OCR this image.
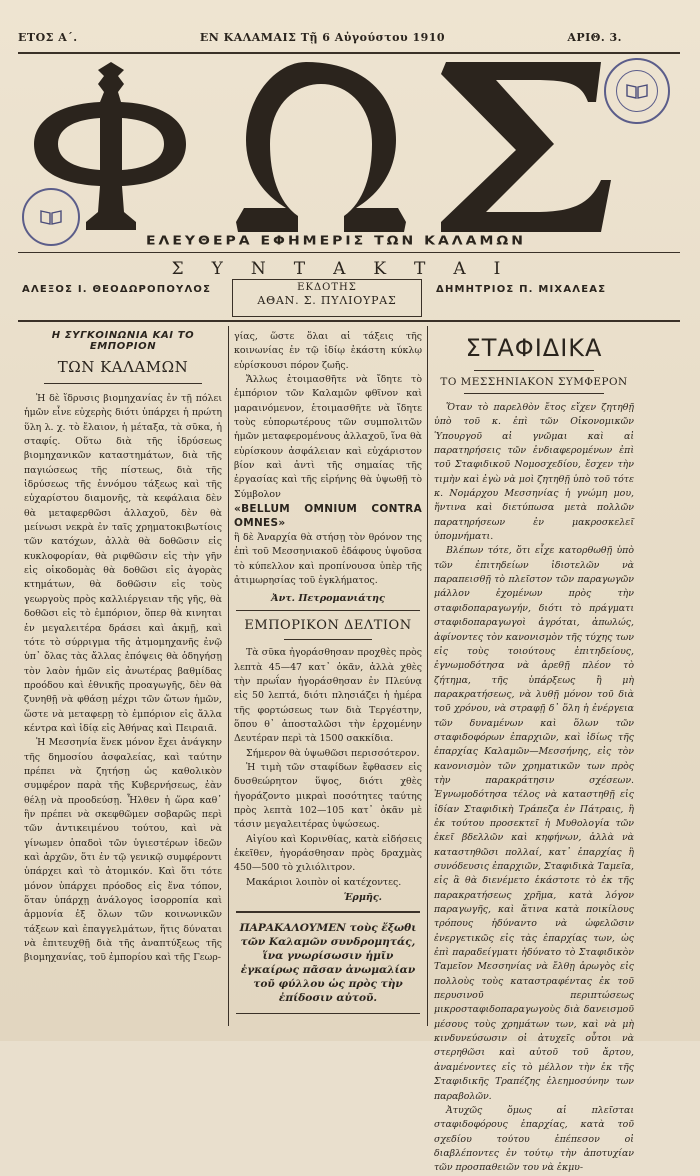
ΕΤΟΣ Α΄.	ΕΝ ΚΑΛΑΜΑΙΣ Τῇ 6 Αὐγούστου 1910	ΑΡΙΘ. 3.
ΕΛΕΥΘΕΡΑ ΕΦΗΜΕΡΙΣ ΤΩΝ ΚΑΛΑΜΩΝ
ΣΥΝΤΑΚΤΑΙ
ΑΛΕΞΟΣ Ι. ΘΕΟΔΩΡΟΠΟΥΛΟΣ	ΔΗΜΗΤΡΙΟΣ Π. ΜΙΧΑΛΕΑΣ
ΕΚΔΟΤΗΣ
ΑΘΑΝ. Σ. ΠΥΛΙΟΥΡΑΣ
Η ΣΥΓΚΟΙΝΩΝΙΑ ΚΑΙ ΤΟ ΕΜΠΟΡΙΟΝ
ΤΩΝ ΚΑΛΑΜΩΝ

Ἡ δὲ ἵδρυσις βιομηχανίας ἐν τῇ πόλει ἡμῶν εἶνε εὐχερὴς διότι ὑπάρχει ἡ πρώτη ὕλη λ. χ. τὸ ἔλαιον, ἡ μέταξα, τὰ σῦκα, ἡ σταφίς. Οὕτω διὰ τῆς ἱδρύσεως βιομηχανικῶν καταστημάτων, διὰ τῆς παγιώσεως τῆς πίστεως, διὰ τῆς ἱδρύσεως τῆς ἐννόμου τάξεως καὶ τῆς εὐχαρίστου διαμονῆς, τὰ κεφάλαια δὲν θὰ μεταφερθῶσι ἀλλαχοῦ, δὲν θὰ μείνωσι νεκρὰ ἐν ταῖς χρηματοκιβωτίοις τῶν κατόχων, ἀλλὰ θὰ δοθῶσιν εἰς κυκλοφορίαν, θὰ ριφθῶσιν εἰς τὴν γῆν εἰς οἰκοδομὰς θὰ δοθῶσι εἰς ἀγορὰς κτημάτων, θὰ δοθῶσιν εἰς τοὺς γεωργοὺς πρὸς καλλιέργειαν τῆς γῆς, θὰ δοθῶσι εἰς τὸ ἐμπόριον, ὅπερ θὰ κινηται ἐν μεγαλειτέρα δράσει καὶ ἀκμῇ, καὶ τότε τὸ σύρριγμα τῆς ἀτμομηχανῆς ἐνῷ ὑπ᾿ ὄλας τὰς ἄλλας ἐπόψεις θὰ ὁδηγήσῃ τὸν λαὸν ἡμῶν εἰς ἀνωτέρας βαθμίδας προόδου καὶ ἐθνικῆς προαγωγῆς, δὲν θὰ ζυνηθῇ νὰ φθάσῃ μέχρι τῶν ὤτων ἡμῶν, ὥστε νὰ μεταφερῃ τὸ ἐμπόριον εἰς ἄλλα κέντρα καὶ ἰδίᾳ εἰς Ἀθήνας καὶ Πειραιᾶ.

Ἡ Μεσσηνία ἕνεκ μόνον ἔχει ἀνάγκην τῆς δημοσίου ἀσφαλείας, καὶ ταύτην πρέπει νὰ ζητήσῃ ὡς καθολικὸν συμφέρον παρὰ τῆς Κυβερνήσεως, ἐὰν θέλῃ νὰ προοδεύσῃ. Ἦλθεν ἡ ὥρα καθ᾿ ἣν πρέπει νὰ σκεφθῶμεν σοβαρῶς περὶ τῶν ἀντικειμένου τούτου, καὶ νὰ γίνωμεν ὁπαδοὶ τῶν ὑγιεστέρων ἰδεῶν καὶ ἀρχῶν, ὅτι ἐν τῷ γενικῷ συμφέροντι ὑπάρχει καὶ τὸ ἀτομικόν. Καὶ ὅτι τότε μόνον ὑπάρχει πρόοδος εἰς ἕνα τόπον, ὅταν ὑπάρχῃ ἀνάλογος ἰσορροπία καὶ ἁρμονία ἐξ ὅλων τῶν κοινωνικῶν τάξεων καὶ ἐπαγγελμάτων, ἥτις δύναται νὰ ἐπιτευχθῇ διὰ τῆς ἀναπτύξεως τῆς βιομηχανίας, τοῦ ἐμπορίου καὶ τῆς Γεωρ-

γίας, ὥστε ὅλαι αἱ τάξεις τῆς κοινωνίας ἐν τῷ ἰδίῳ ἑκάστη κύκλῳ εὑρίσκουσι πόρον ζωῆς.

Ἄλλως ἑτοιμασθῆτε νὰ ἴδητε τὸ ἐμπόριον τῶν Καλαμῶν φθῖνον καὶ μαραινόμενον, ἑτοιμασθῆτε νὰ ἴδητε τοὺς εὐπορωτέρους τῶν συμπολιτῶν ἡμῶν μεταφερομένους ἀλλαχοῦ, ἵνα θὰ εὑρίσκουν ἀσφάλειαν καὶ εὐχάριστον βίον καὶ ἀντὶ τῆς σημαίας τῆς ἐργασίας καὶ τῆς εἰρήνης θὰ ὑψωθῇ τὸ Σύμβολον

«BELLUM OMNIUM CONTRA OMNES»

ἢ δὲ Ἀναρχία θὰ στήσῃ τὸν θρόνον της ἐπὶ τοῦ Μεσσηνιακοῦ ἐδάφους ὑψοῦσα τὸ κύπελλον καὶ προπίνουσα ὑπὲρ τῆς ἀτιμωρησίας τοῦ ἐγκλήματος.

Ἀντ. Πετρομανιάτης
ΕΜΠΟΡΙΚΟΝ ΔΕΛΤΙΟΝ

Τὰ σῦκα ἠγοράσθησαν προχθὲς πρὸς λεπτὰ 45—47 κατ᾿ ὀκᾶν, ἀλλὰ χθὲς τὴν πρωΐαν ἠγοράσθησαν ἐν Πλεύνᾳ εἰς 50 λεπτά, διότι πλησιάζει ἡ ἡμέρα τῆς φορτώσεως των διὰ Τεργέστην, ὅπου θ᾿ ἀποσταλῶσι τὴν ἐρχομένην Δευτέραν περὶ τὰ 1500 σακκίδια.

Σήμερον θὰ ὑψωθῶσι περισσότερον.

Ἡ τιμὴ τῶν σταφίδων ἔφθασεν εἰς δυσθεώρητον ὕψος, διότι χθὲς ἠγοράζοντο μικραὶ ποσότητες ταύτης πρὸς λεπτὰ 102—105 κατ᾿ ὀκᾶν μὲ τάσιν μεγαλειτέρας ὑψώσεως.

Αἰγίου καὶ Κορινθίας, κατὰ εἰδήσεις ἐκεῖθεν, ἠγοράσθησαν πρὸς δραχμὰς 450—500 τὸ χιλιόλιτρον.

Μακάριοι λοιπὸν οἱ κατέχοντες.

Ἑρμῆς.
ΠΑΡΑΚΑΛΟΥΜΕΝ τοὺς ἔξωθι τῶν Καλαμῶν συνδρομητάς, ἵνα γνωρίσωσιν ἡμῖν ἐγκαίρως πᾶσαν ἀνωμαλίαν τοῦ φύλλου ὡς πρὸς τὴν ἐπίδοσιν αὐτοῦ.
ΣΤΑΦΙΔΙΚΑ
ΤΟ ΜΕΣΣΗΝΙΑΚΟΝ ΣΥΜΦΕΡΟΝ

Ὅταν τὸ παρελθὸν ἔτος εἴχεν ζητηθῇ ὑπὸ τοῦ κ. ἐπὶ τῶν Οἰκονομικῶν Ὑπουργοῦ αἱ γνῶμαι καὶ αἱ παρατηρήσεις τῶν ἐνδιαφερομένων ἐπὶ τοῦ Σταφιδικοῦ Νομοσχεδίου, ἔσχεν τὴν τιμὴν καὶ ἐγὼ νὰ μοὶ ζητηθῇ ὑπὸ τοῦ τότε κ. Νομάρχου Μεσσηνίας ἡ γνώμη μου, ἥντινα καὶ διετύπωσα μετὰ πολλῶν παρατηρήσεων ἐν μακροσκελεῖ ὑπομνήματι.

Βλέπων τότε, ὅτι εἶχε κατορθωθῇ ὑπὸ τῶν ἐπιτηδείων ἰδιοτελῶν νὰ παραπεισθῇ τὸ πλεῖστον τῶν παραγωγῶν μάλλον ἐχομένων πρὸς τὴν σταφιδοπαραγωγήν, διότι τὸ πράγματι σταφιδοπαραγωγοὶ ἀγρόται, ἀπωλώς, ἀφίνοντες τὸν κανονισμὸν τῆς τύχης των εἰς τοὺς τοιούτους ἐπιτηδείους, ἐγνωμοδότησα νὰ ἀρεθῇ πλέον τὸ ζήτημα, τῆς ὑπάρξεως ἢ μὴ παρακρατήσεως, νὰ λυθῇ μόνον τοῦ διὰ τοῦ χρόνου, νὰ στραφῇ δ᾿ ὅλη ἡ ἐνέργεια τῶν δυναμένων καὶ ὅλων τῶν σταφιδοφόρων ἐπαρχιῶν, καὶ ἰδίως τῆς ἐπαρχίας Καλαμῶν—Μεσσήνης, εἰς τὸν κανονισμὸν τῶν χρηματικῶν των πρὸς τὴν παρακράτησιν σχέσεων. Ἐγνωμοδότησα τέλος νὰ καταστηθῇ εἰς ἰδίαν Σταφιδικὴ Τράπεζα ἐν Πάτραις, ἢ ἐκ τούτου προσεκτεῖ ἡ Μυθολογία τῶν ἐκεῖ βδελλῶν καὶ κηφήνων, ἀλλὰ νὰ καταστηθῶσι πολλαί, κατ᾿ ἐπαρχίας ἢ συνόδευσις ἐπαρχιῶν, Σταφιδικὰ Ταμεῖα, εἰς ἃ θὰ διενέμετο ἑκάστοτε τὸ ἐκ τῆς παρακρατήσεως χρῆμα, κατὰ λόγον παραγωγῆς, καὶ ἅτινα κατὰ ποικίλους τρόπους ἠδύναντο νὰ ὠφελῶσιν ἐνεργετικῶς εἰς τὰς ἐπαρχίας των, ὡς ἐπὶ παραδείγματι ἠδύνατο τὸ Σταφιδικὸν Ταμεῖον Μεσσηνίας νὰ ἔλθῃ ἀρωγὸς εἰς πολλοὺς τοὺς καταστραφέντας ἐκ τοῦ περυσινοῦ περιπτώσεως μικροσταφιδοπαραγωγοὺς διὰ δανεισμοῦ μέσους τοὺς χρημάτων των, καὶ νὰ μὴ κινδυνεύσωσιν οἱ ἀτυχεῖς οὗτοι νὰ στερηθῶσι καὶ αὐτοῦ τοῦ ἄρτου, ἀναμένοντες εἰς τὸ μέλλον τὴν ἐκ τῆς Σταφιδικῆς Τραπέζης ἐλεημοσύνην των παραβολῶν.

Ἀτυχῶς ὅμως αἱ πλεῖσται σταφιδοφόρους ἐπαρχίας, κατὰ τοῦ σχεδίου τούτου ἐπέπεσον οἱ διαβλέποντες ἐν τούτῳ τὴν ἀποτυχίαν τῶν προσπαθειῶν του νὰ ἐκμυ-
